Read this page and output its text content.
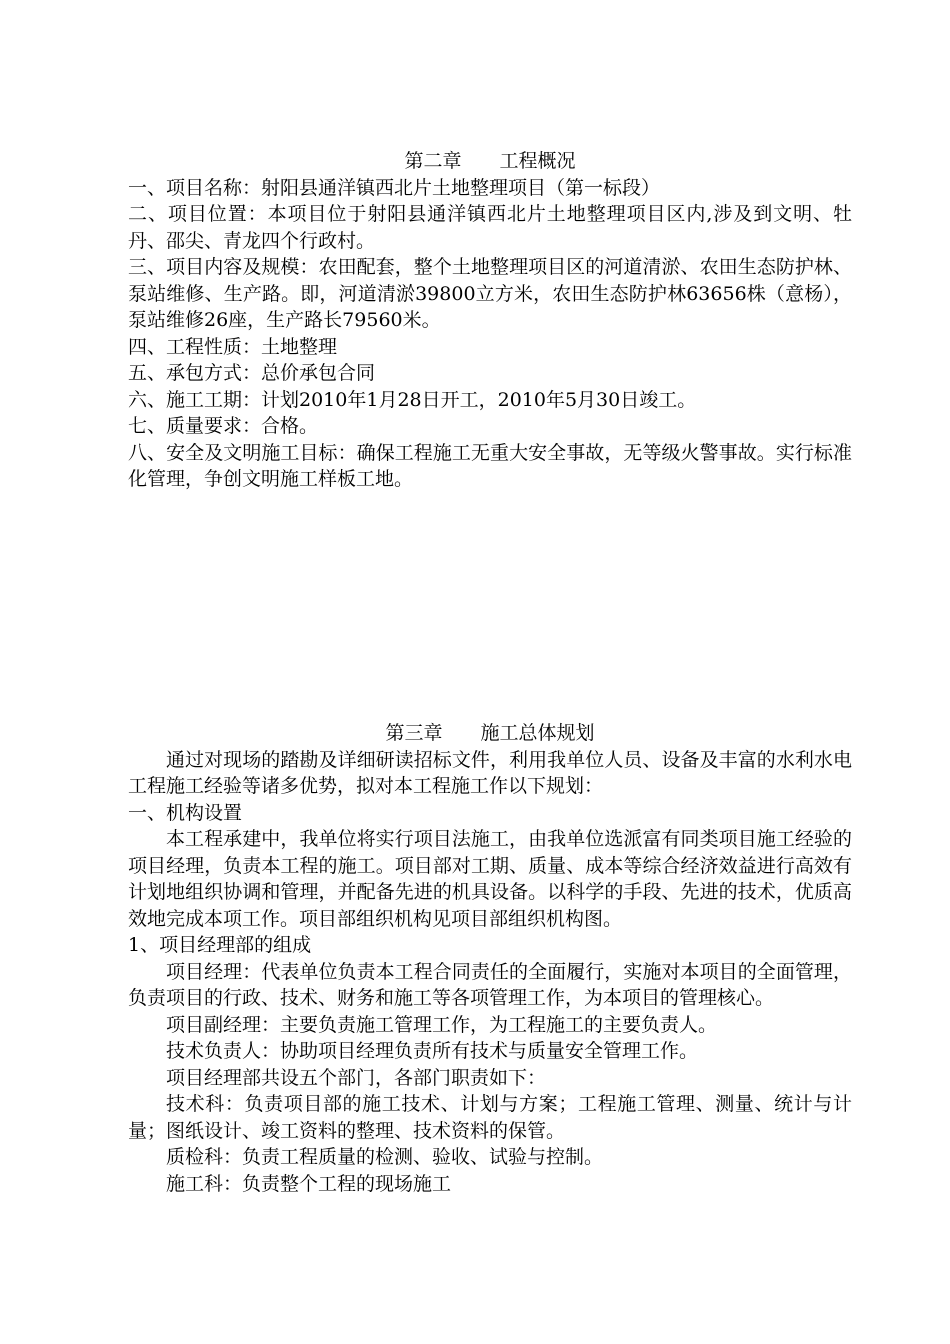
第二章　　工程概况

一、项目名称：射阳县通洋镇西北片土地整理项目（第一标段）

二、项目位置：本项目位于射阳县通洋镇西北片土地整理项目区内,涉及到文明、牡丹、邵尖、青龙四个行政村。

三、项目内容及规模：农田配套，整个土地整理项目区的河道清淤、农田生态防护林、泵站维修、生产路。即，河道清淤39800立方米，农田生态防护林63656株（意杨），泵站维修26座，生产路长79560米。

四、工程性质：土地整理

五、承包方式：总价承包合同

六、施工工期：计划2010年1月28日开工，2010年5月30日竣工。

七、质量要求：合格。

八、安全及文明施工目标：确保工程施工无重大安全事故，无等级火警事故。实行标准化管理，争创文明施工样板工地。

第三章　　施工总体规划

通过对现场的踏勘及详细研读招标文件，利用我单位人员、设备及丰富的水利水电工程施工经验等诸多优势，拟对本工程施工作以下规划：

一、机构设置

本工程承建中，我单位将实行项目法施工，由我单位选派富有同类项目施工经验的项目经理，负责本工程的施工。项目部对工期、质量、成本等综合经济效益进行高效有计划地组织协调和管理，并配备先进的机具设备。以科学的手段、先进的技术，优质高效地完成本项工作。项目部组织机构见项目部组织机构图。

1、项目经理部的组成

项目经理：代表单位负责本工程合同责任的全面履行，实施对本项目的全面管理，负责项目的行政、技术、财务和施工等各项管理工作，为本项目的管理核心。

项目副经理：主要负责施工管理工作，为工程施工的主要负责人。

技术负责人：协助项目经理负责所有技术与质量安全管理工作。

项目经理部共设五个部门，各部门职责如下：

技术科：负责项目部的施工技术、计划与方案；工程施工管理、测量、统计与计量；图纸设计、竣工资料的整理、技术资料的保管。

质检科：负责工程质量的检测、验收、试验与控制。

施工科：负责整个工程的现场施工
